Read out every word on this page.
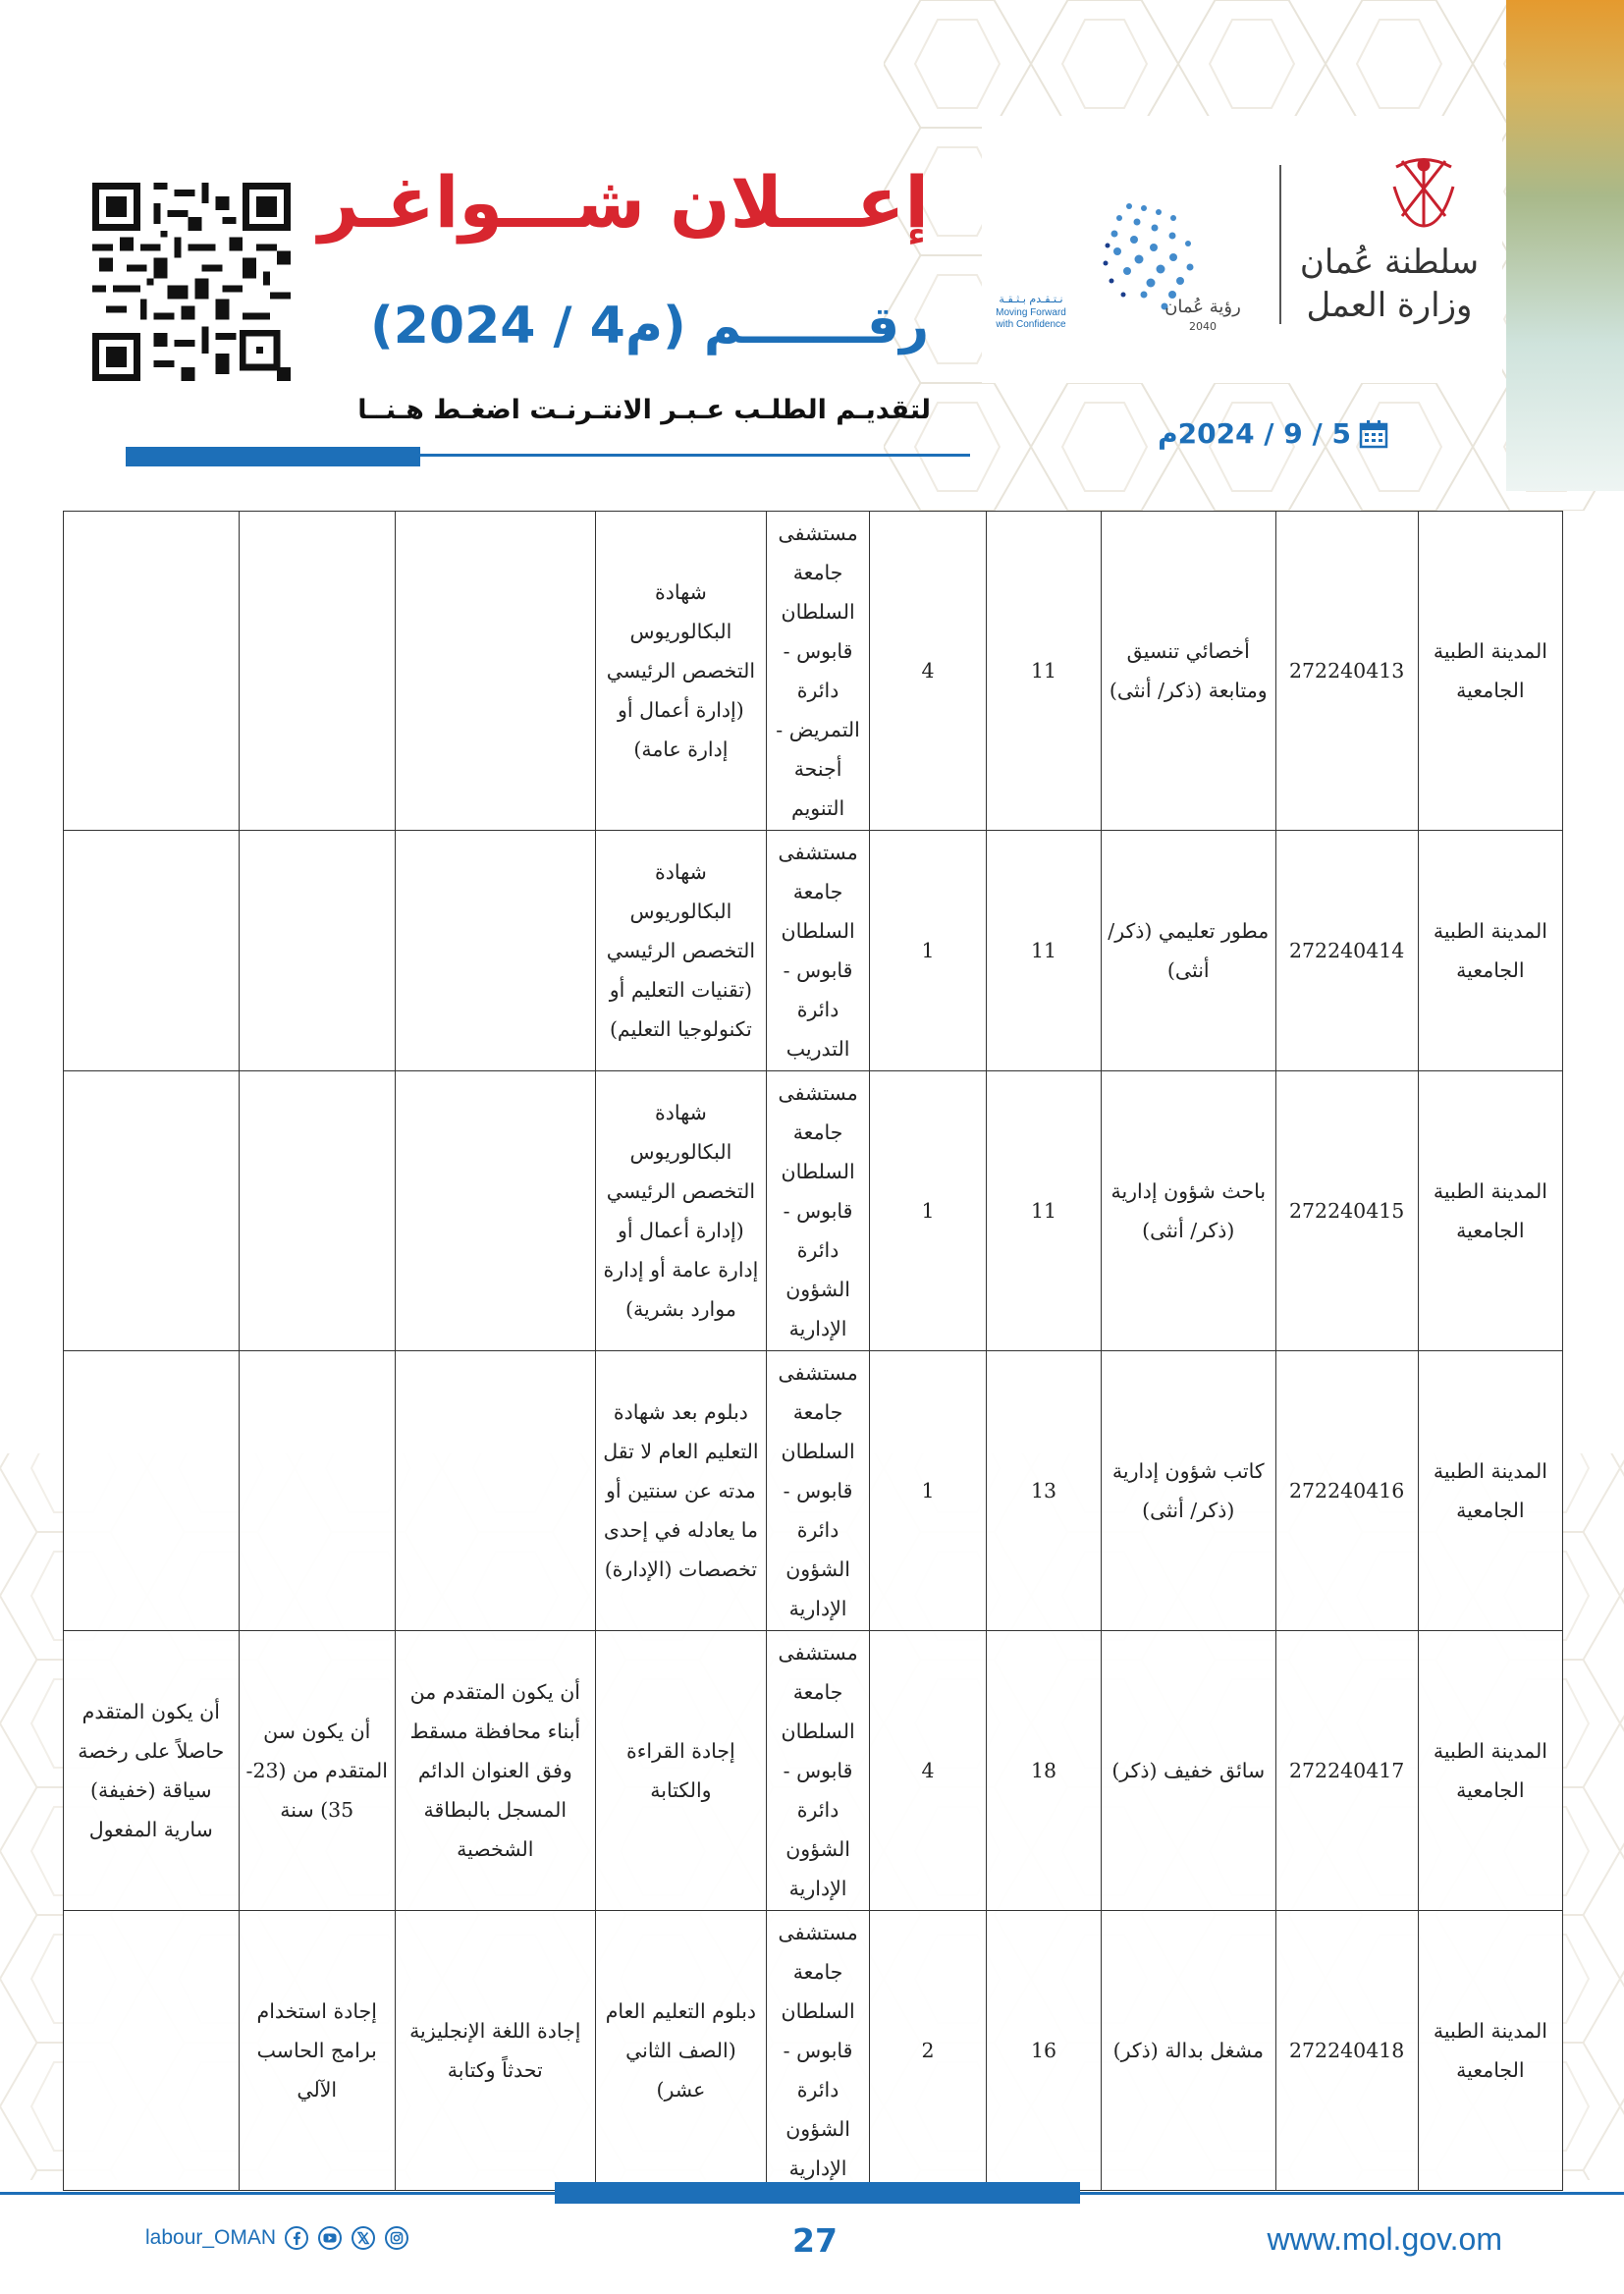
سلطنة عُمان
وزارة العمل
رؤية عُمان
2040
نـتـقـدم بـثـقـة
Moving Forward
with Confidence
إعـــلان شـــواغـر
رقـــــــم (م4 / 2024)
لتقديـم الطلـب عـبـر الانتـرنـت اضغـط هـنــا
5 / 9 / 2024م
المدينة الطبية الجامعية	272240413	أخصائي تنسيق ومتابعة (ذكر/ أنثى)	11	4	مستشفى جامعة السلطان قابوس - دائرة التمريض - أجنحة التنويم	شهادة البكالوريوس التخصص الرئيسي (إدارة أعمال أو إدارة عامة)			
المدينة الطبية الجامعية	272240414	مطور تعليمي (ذكر/أنثى)	11	1	مستشفى جامعة السلطان قابوس - دائرة التدريب	شهادة البكالوريوس التخصص الرئيسي (تقنيات التعليم أو تكنولوجيا التعليم)			
المدينة الطبية الجامعية	272240415	باحث شؤون إدارية (ذكر/ أنثى)	11	1	مستشفى جامعة السلطان قابوس - دائرة الشؤون الإدارية	شهادة البكالوريوس التخصص الرئيسي (إدارة أعمال أو إدارة عامة أو إدارة موارد بشرية)			
المدينة الطبية الجامعية	272240416	كاتب شؤون إدارية (ذكر/ أنثى)	13	1	مستشفى جامعة السلطان قابوس - دائرة الشؤون الإدارية	دبلوم بعد شهادة التعليم العام لا تقل مدته عن سنتين أو ما يعادله في إحدى تخصصات (الإدارة)			
المدينة الطبية الجامعية	272240417	سائق خفيف (ذكر)	18	4	مستشفى جامعة السلطان قابوس - دائرة الشؤون الإدارية	إجادة القراءة والكتابة	أن يكون المتقدم من أبناء محافظة مسقط وفق العنوان الدائم المسجل بالبطاقة الشخصية	أن يكون سن المتقدم من (23-35) سنة	أن يكون المتقدم حاصلاً على رخصة سياقة (خفيفة) سارية المفعول
المدينة الطبية الجامعية	272240418	مشغل بدالة (ذكر)	16	2	مستشفى جامعة السلطان قابوس - دائرة الشؤون الإدارية	دبلوم التعليم العام (الصف الثاني عشر)	إجادة اللغة الإنجليزية تحدثاً وكتابة	إجادة استخدام برامج الحاسب الآلي	
labour_OMAN	27	www.mol.gov.om
